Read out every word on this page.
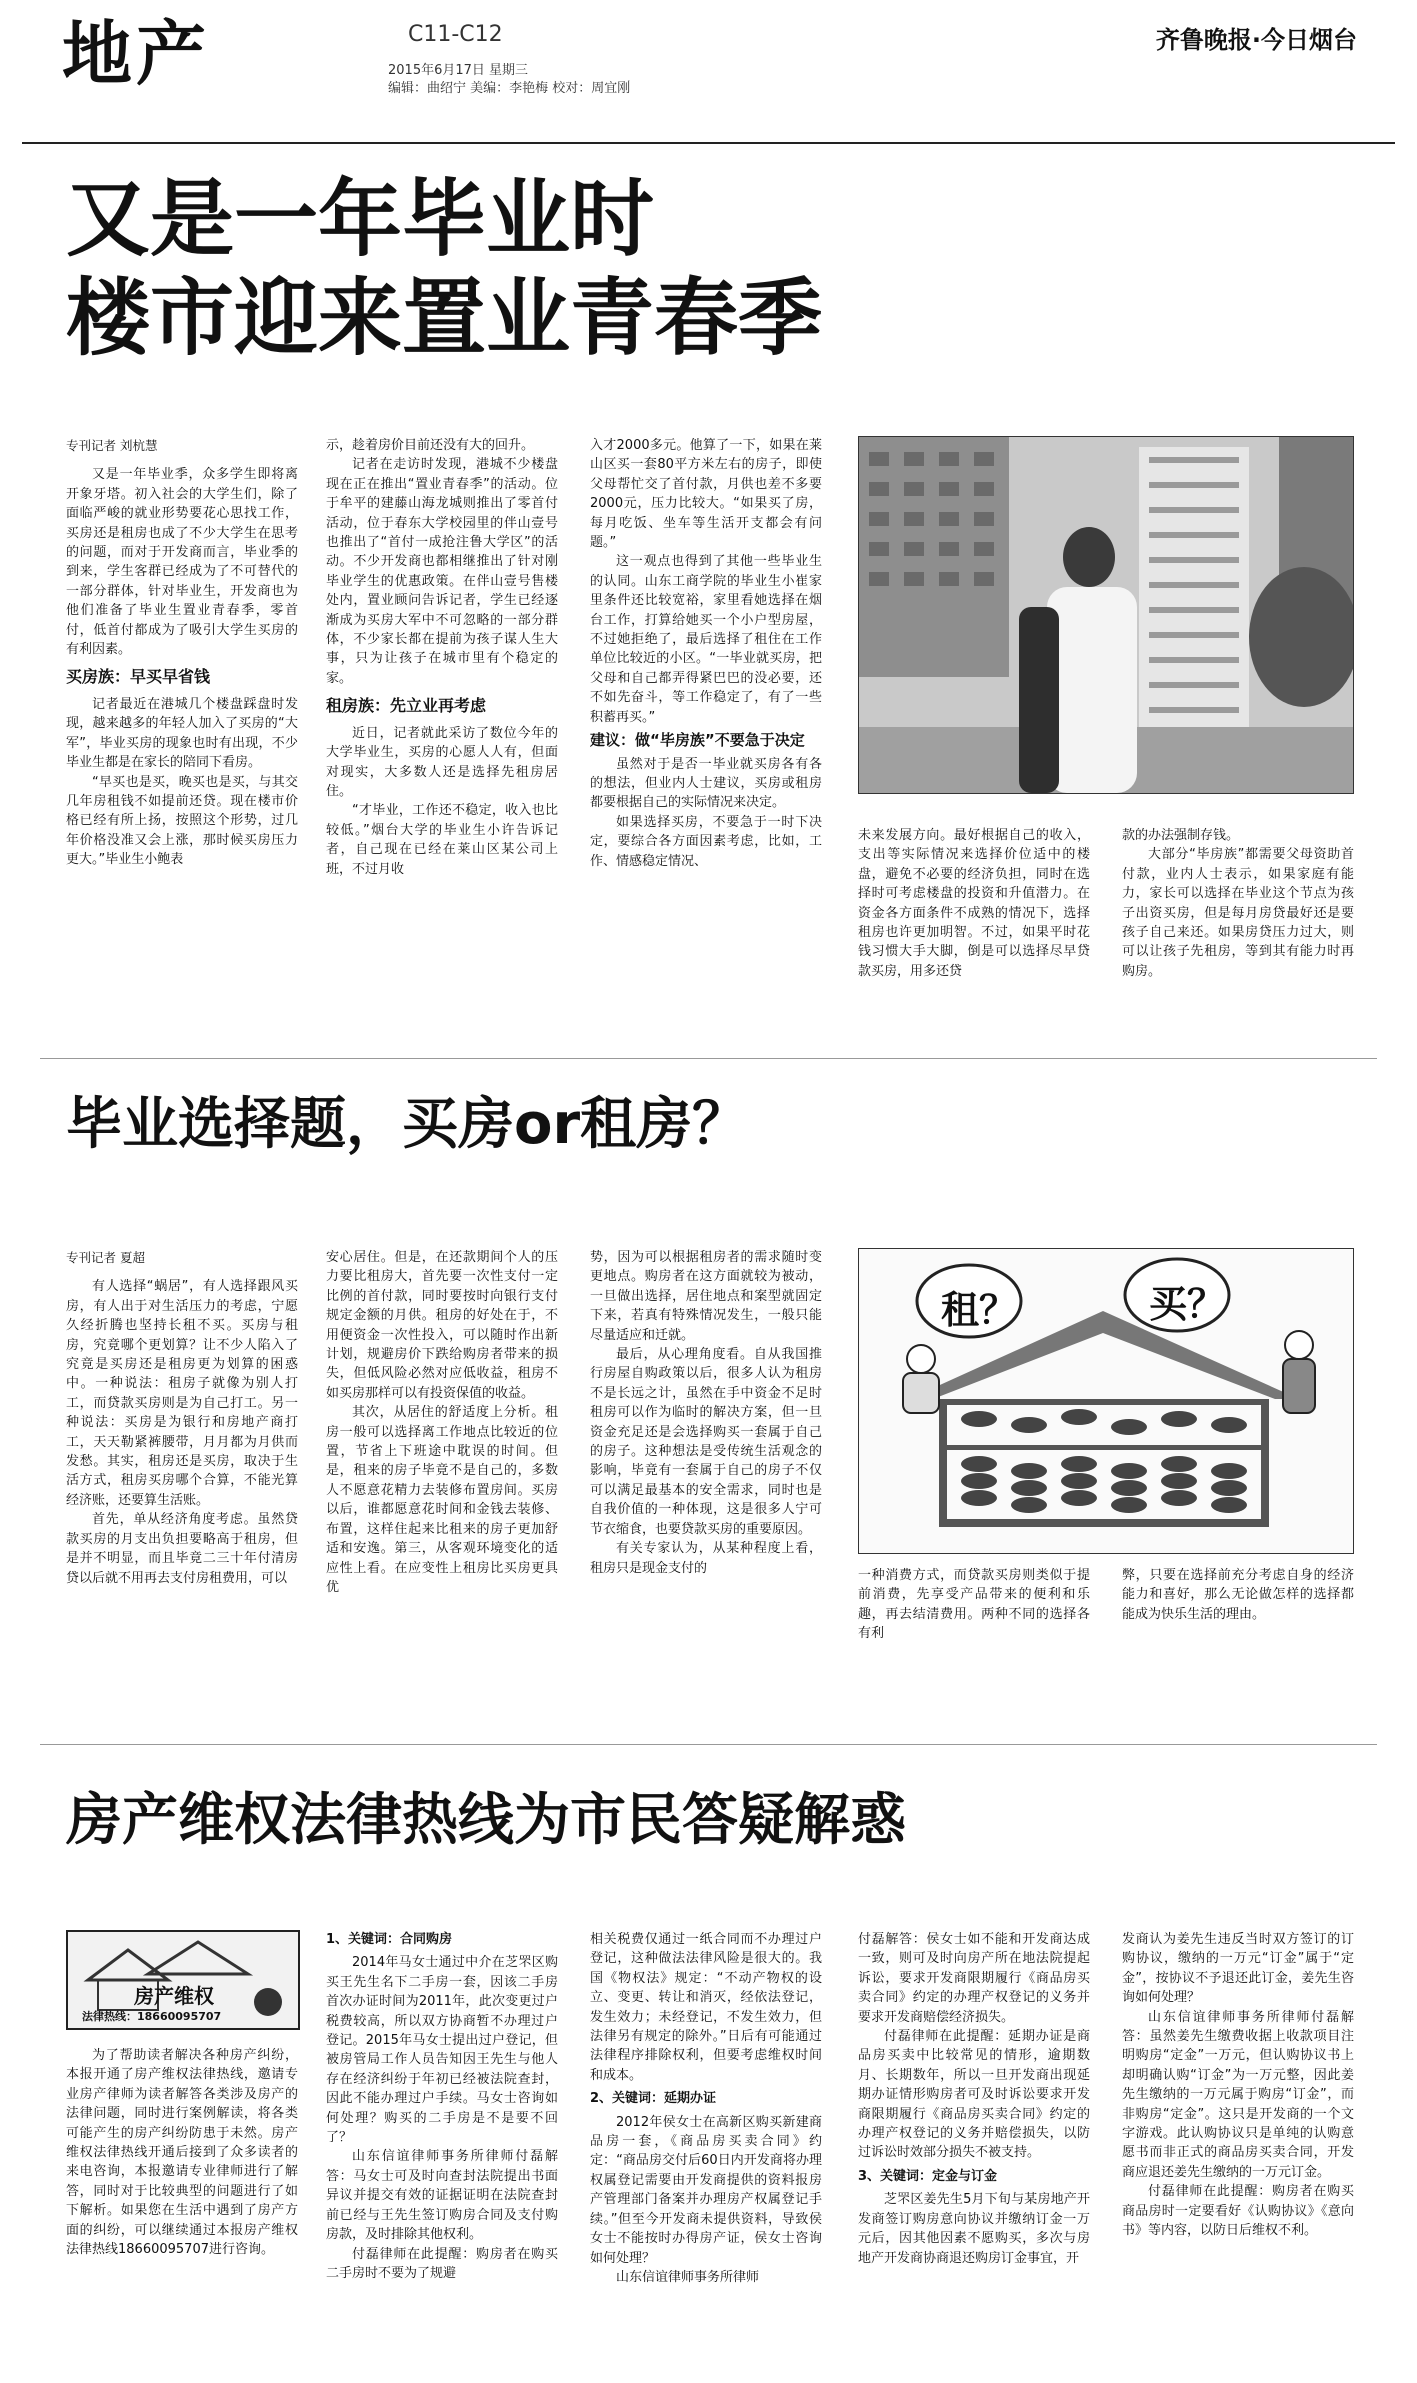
地产	C11-C12
2015年6月17日 星期三
编辑：曲绍宁 美编：李艳梅 校对：周宜刚
齐鲁晚报·今日烟台
又是一年毕业时
楼市迎来置业青春季

专刊记者 刘杭慧

又是一年毕业季，众多学生即将离开象牙塔。初入社会的大学生们，除了面临严峻的就业形势要花心思找工作，买房还是租房也成了不少大学生在思考的问题，而对于开发商而言，毕业季的到来，学生客群已经成为了不可替代的一部分群体，针对毕业生，开发商也为他们准备了毕业生置业青春季，零首付，低首付都成为了吸引大学生买房的有利因素。

买房族：早买早省钱

记者最近在港城几个楼盘踩盘时发现，越来越多的年轻人加入了买房的“大军”，毕业买房的现象也时有出现，不少毕业生都是在家长的陪同下看房。

“早买也是买，晚买也是买，与其交几年房租钱不如提前还贷。现在楼市价格已经有所上扬，按照这个形势，过几年价格没准又会上涨，那时候买房压力更大。”毕业生小鲍表

示，趁着房价目前还没有大的回升。

记者在走访时发现，港城不少楼盘现在正在推出“置业青春季”的活动。位于牟平的建藤山海龙城则推出了零首付活动，位于春东大学校园里的伴山壹号也推出了“首付一成抢注鲁大学区”的活动。不少开发商也都相继推出了针对刚毕业学生的优惠政策。在伴山壹号售楼处内，置业顾问告诉记者，学生已经逐渐成为买房大军中不可忽略的一部分群体，不少家长都在提前为孩子谋人生大事，只为让孩子在城市里有个稳定的家。

租房族：先立业再考虑

近日，记者就此采访了数位今年的大学毕业生，买房的心愿人人有，但面对现实，大多数人还是选择先租房居住。

“才毕业，工作还不稳定，收入也比较低。”烟台大学的毕业生小许告诉记者，自己现在已经在莱山区某公司上班，不过月收

入才2000多元。他算了一下，如果在莱山区买一套80平方米左右的房子，即使父母帮忙交了首付款，月供也差不多要2000元，压力比较大。“如果买了房，每月吃饭、坐车等生活开支都会有问题。”

这一观点也得到了其他一些毕业生的认同。山东工商学院的毕业生小崔家里条件还比较宽裕，家里看她选择在烟台工作，打算给她买一个小户型房屋，不过她拒绝了，最后选择了租住在工作单位比较近的小区。“一毕业就买房，把父母和自己都弄得紧巴巴的没必要，还不如先奋斗，等工作稳定了，有了一些积蓄再买。”

建议：做“毕房族”不要急于决定

虽然对于是否一毕业就买房各有各的想法，但业内人士建议，买房或租房都要根据自己的实际情况来决定。

如果选择买房，不要急于一时下决定，要综合各方面因素考虑，比如，工作、情感稳定情况、

未来发展方向。最好根据自己的收入，支出等实际情况来选择价位适中的楼盘，避免不必要的经济负担，同时在选择时可考虑楼盘的投资和升值潜力。在资金各方面条件不成熟的情况下，选择租房也许更加明智。不过，如果平时花钱习惯大手大脚，倒是可以选择尽早贷款买房，用多还贷

款的办法强制存钱。

大部分“毕房族”都需要父母资助首付款，业内人士表示，如果家庭有能力，家长可以选择在毕业这个节点为孩子出资买房，但是每月房贷最好还是要孩子自己来还。如果房贷压力过大，则可以让孩子先租房，等到其有能力时再购房。

毕业选择题，买房or租房？

专刊记者 夏超

有人选择“蜗居”，有人选择跟风买房，有人出于对生活压力的考虑，宁愿久经折腾也坚持长租不买。买房与租房，究竟哪个更划算？让不少人陷入了究竟是买房还是租房更为划算的困惑中。一种说法：租房子就像为别人打工，而贷款买房则是为自己打工。另一种说法：买房是为银行和房地产商打工，天天勒紧裤腰带，月月都为月供而发愁。其实，租房还是买房，取决于生活方式，租房买房哪个合算，不能光算经济账，还要算生活账。

首先，单从经济角度考虑。虽然贷款买房的月支出负担要略高于租房，但是并不明显，而且毕竟二三十年付清房贷以后就不用再去支付房租费用，可以

安心居住。但是，在还款期间个人的压力要比租房大，首先要一次性支付一定比例的首付款，同时要按时向银行支付规定金额的月供。租房的好处在于，不用便资金一次性投入，可以随时作出新计划，规避房价下跌给购房者带来的损失，但低风险必然对应低收益，租房不如买房那样可以有投资保值的收益。

其次，从居住的舒适度上分析。租房一般可以选择离工作地点比较近的位置，节省上下班途中耽误的时间。但是，租来的房子毕竟不是自己的，多数人不愿意花精力去装修布置房间。买房以后，谁都愿意花时间和金钱去装修、布置，这样住起来比租来的房子更加舒适和安逸。第三，从客观环境变化的适应性上看。在应变性上租房比买房更具优

势，因为可以根据租房者的需求随时变更地点。购房者在这方面就较为被动，一旦做出选择，居住地点和案型就固定下来，若真有特殊情况发生，一般只能尽量适应和迁就。

最后，从心理角度看。自从我国推行房屋自购政策以后，很多人认为租房不是长远之计，虽然在手中资金不足时租房可以作为临时的解决方案，但一旦资金充足还是会选择购买一套属于自己的房子。这种想法是受传统生活观念的影响，毕竟有一套属于自己的房子不仅可以满足最基本的安全需求，同时也是自我价值的一种体现，这是很多人宁可节衣缩食，也要贷款买房的重要原因。

有关专家认为，从某种程度上看，租房只是现金支付的

租？	买？

一种消费方式，而贷款买房则类似于提前消费，先享受产品带来的便利和乐趣，再去结清费用。两种不同的选择各有利

弊，只要在选择前充分考虑自身的经济能力和喜好，那么无论做怎样的选择都能成为快乐生活的理由。

房产维权法律热线为市民答疑解惑
房产维权
法律热线：18660095707

为了帮助读者解决各种房产纠纷，本报开通了房产维权法律热线，邀请专业房产律师为读者解答各类涉及房产的法律问题，同时进行案例解读，将各类可能产生的房产纠纷防患于未然。房产维权法律热线开通后接到了众多读者的来电咨询，本报邀请专业律师进行了解答，同时对于比较典型的问题进行了如下解析。如果您在生活中遇到了房产方面的纠纷，可以继续通过本报房产维权法律热线18660095707进行咨询。

1、关键词：合同购房

2014年马女士通过中介在芝罘区购买王先生名下二手房一套，因该二手房首次办证时间为2011年，此次变更过户税费较高，所以双方协商暂不办理过户登记。2015年马女士提出过户登记，但被房管局工作人员告知因王先生与他人存在经济纠纷于年初已经被法院查封，因此不能办理过户手续。马女士咨询如何处理？购买的二手房是不是要不回了？

山东信谊律师事务所律师付磊解答：马女士可及时向查封法院提出书面异议并提交有效的证据证明在法院查封前已经与王先生签订购房合同及支付购房款，及时排除其他权利。

付磊律师在此提醒：购房者在购买二手房时不要为了规避

相关税费仅通过一纸合同而不办理过户登记，这种做法法律风险是很大的。我国《物权法》规定：“不动产物权的设立、变更、转让和消灭，经依法登记，发生效力；未经登记，不发生效力，但法律另有规定的除外。”日后有可能通过法律程序排除权利，但要考虑维权时间和成本。

2、关键词：延期办证

2012年侯女士在高新区购买新建商品房一套，《商品房买卖合同》约定：“商品房交付后60日内开发商将办理权属登记需要由开发商提供的资料报房产管理部门备案并办理房产权属登记手续。”但至今开发商未提供资料，导致侯女士不能按时办得房产证，侯女士咨询如何处理？

山东信谊律师事务所律师

付磊解答：侯女士如不能和开发商达成一致，则可及时向房产所在地法院提起诉讼，要求开发商限期履行《商品房买卖合同》约定的办理产权登记的义务并要求开发商赔偿经济损失。

付磊律师在此提醒：延期办证是商品房买卖中比较常见的情形，逾期数月、长期数年，所以一旦开发商出现延期办证情形购房者可及时诉讼要求开发商限期履行《商品房买卖合同》约定的办理产权登记的义务并赔偿损失，以防过诉讼时效部分损失不被支持。

3、关键词：定金与订金

芝罘区姜先生5月下旬与某房地产开发商签订购房意向协议并缴纳订金一万元后，因其他因素不愿购买，多次与房地产开发商协商退还购房订金事宜，开

发商认为姜先生违反当时双方签订的订购协议，缴纳的一万元“订金”属于“定金”，按协议不予退还此订金，姜先生咨询如何处理？

山东信谊律师事务所律师付磊解答：虽然姜先生缴费收据上收款项目注明购房“定金”一万元，但认购协议书上却明确认购“订金”为一万元整，因此姜先生缴纳的一万元属于购房“订金”，而非购房“定金”。这只是开发商的一个文字游戏。此认购协议只是单纯的认购意愿书而非正式的商品房买卖合同，开发商应退还姜先生缴纳的一万元订金。

付磊律师在此提醒：购房者在购买商品房时一定要看好《认购协议》《意向书》等内容，以防日后维权不利。
